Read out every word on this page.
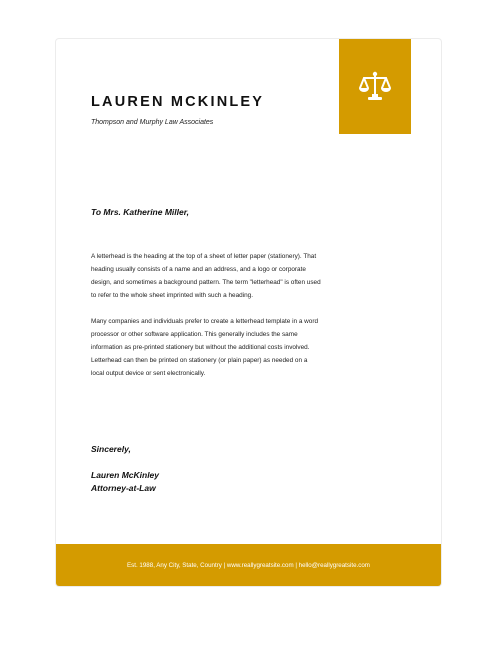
LAUREN MCKINLEY
Thompson and Murphy Law Associates
To Mrs. Katherine Miller,

A letterhead is the heading at the top of a sheet of letter paper (stationery). That heading usually consists of a name and an address, and a logo or corporate design, and sometimes a background pattern. The term "letterhead" is often used to refer to the whole sheet imprinted with such a heading.

Many companies and individuals prefer to create a letterhead template in a word processor or other software application. This generally includes the same information as pre-printed stationery but without the additional costs involved. Letterhead can then be printed on stationery (or plain paper) as needed on a local output device or sent electronically.

Sincerely,
Lauren McKinley
Attorney-at-Law
Est. 1988, Any City, State, Country | www.reallygreatsite.com | hello@reallygreatsite.com
